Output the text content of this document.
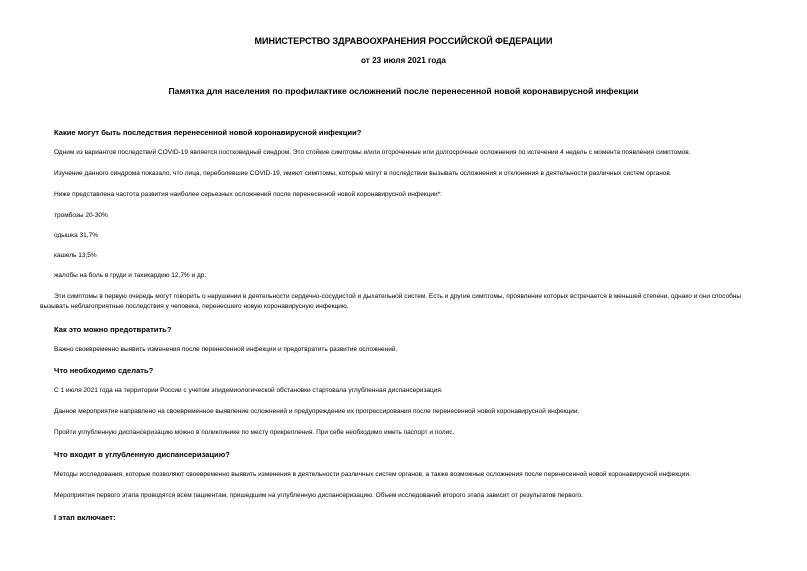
МИНИСТЕРСТВО ЗДРАВООХРАНЕНИЯ РОССИЙСКОЙ ФЕДЕРАЦИИ
от 23 июля 2021 года
Памятка для населения по профилактике осложнений после перенесенной новой коронавирусной инфекции
Какие могут быть последствия перенесенной новой коронавирусной инфекции?
Одним из вариантов последствий COVID-19 является постковидный синдром. Это стойкие симптомы и/или отсроченные или долгосрочные осложнения по истечении 4 недель с момента появления симптомов.
Изучение данного синдрома показало, что лица, переболевшие COVID-19, имеют симптомы, которые могут в последствии вызывать осложнения и отклонения в деятельности различных систем органов.
Ниже представлена частота развития наиболее серьезных осложнений после перенесенной новой коронавирусной инфекции*:
тромбозы 20-30%
одышка 31,7%
кашель 13,5%
жалобы на боль в груди и тахикардию 12,7% и др.
Эти симптомы в первую очередь могут говорить о нарушении в деятельности сердечно-сосудистой и дыхательной систем. Есть и другие симптомы, проявление которых встречается в меньшей степени, однако и они способны вызывать неблагоприятные последствия у человека, перенесшего новую коронавирусную инфекцию.
Как это можно предотвратить?
Важно своевременно выявить изменения после перенесенной инфекции и предотвратить развитие осложнений.
Что необходимо сделать?
С 1 июля 2021 года на территории России с учетом эпидемиологической обстановки стартовала углубленная диспансеризация.
Данное мероприятие направлено на своевременное выявление осложнений и предупреждение их прогрессирования после перенесенной новой коронавирусной инфекции.
Пройти углубленную диспансеризацию можно в поликлинике по месту прикрепления. При себе необходимо иметь паспорт и полис.
Что входит в углубленную диспансеризацию?
Методы исследования, которые позволяют своевременно выявить изменения в деятельности различных систем органов, а также возможные осложнения после перенесенной новой коронавирусной инфекции.
Мероприятия первого этапа проводятся всем пациентам, пришедшим на углубленную диспансеризацию. Объем исследований второго этапа зависит от результатов первого.
I этап включает:
